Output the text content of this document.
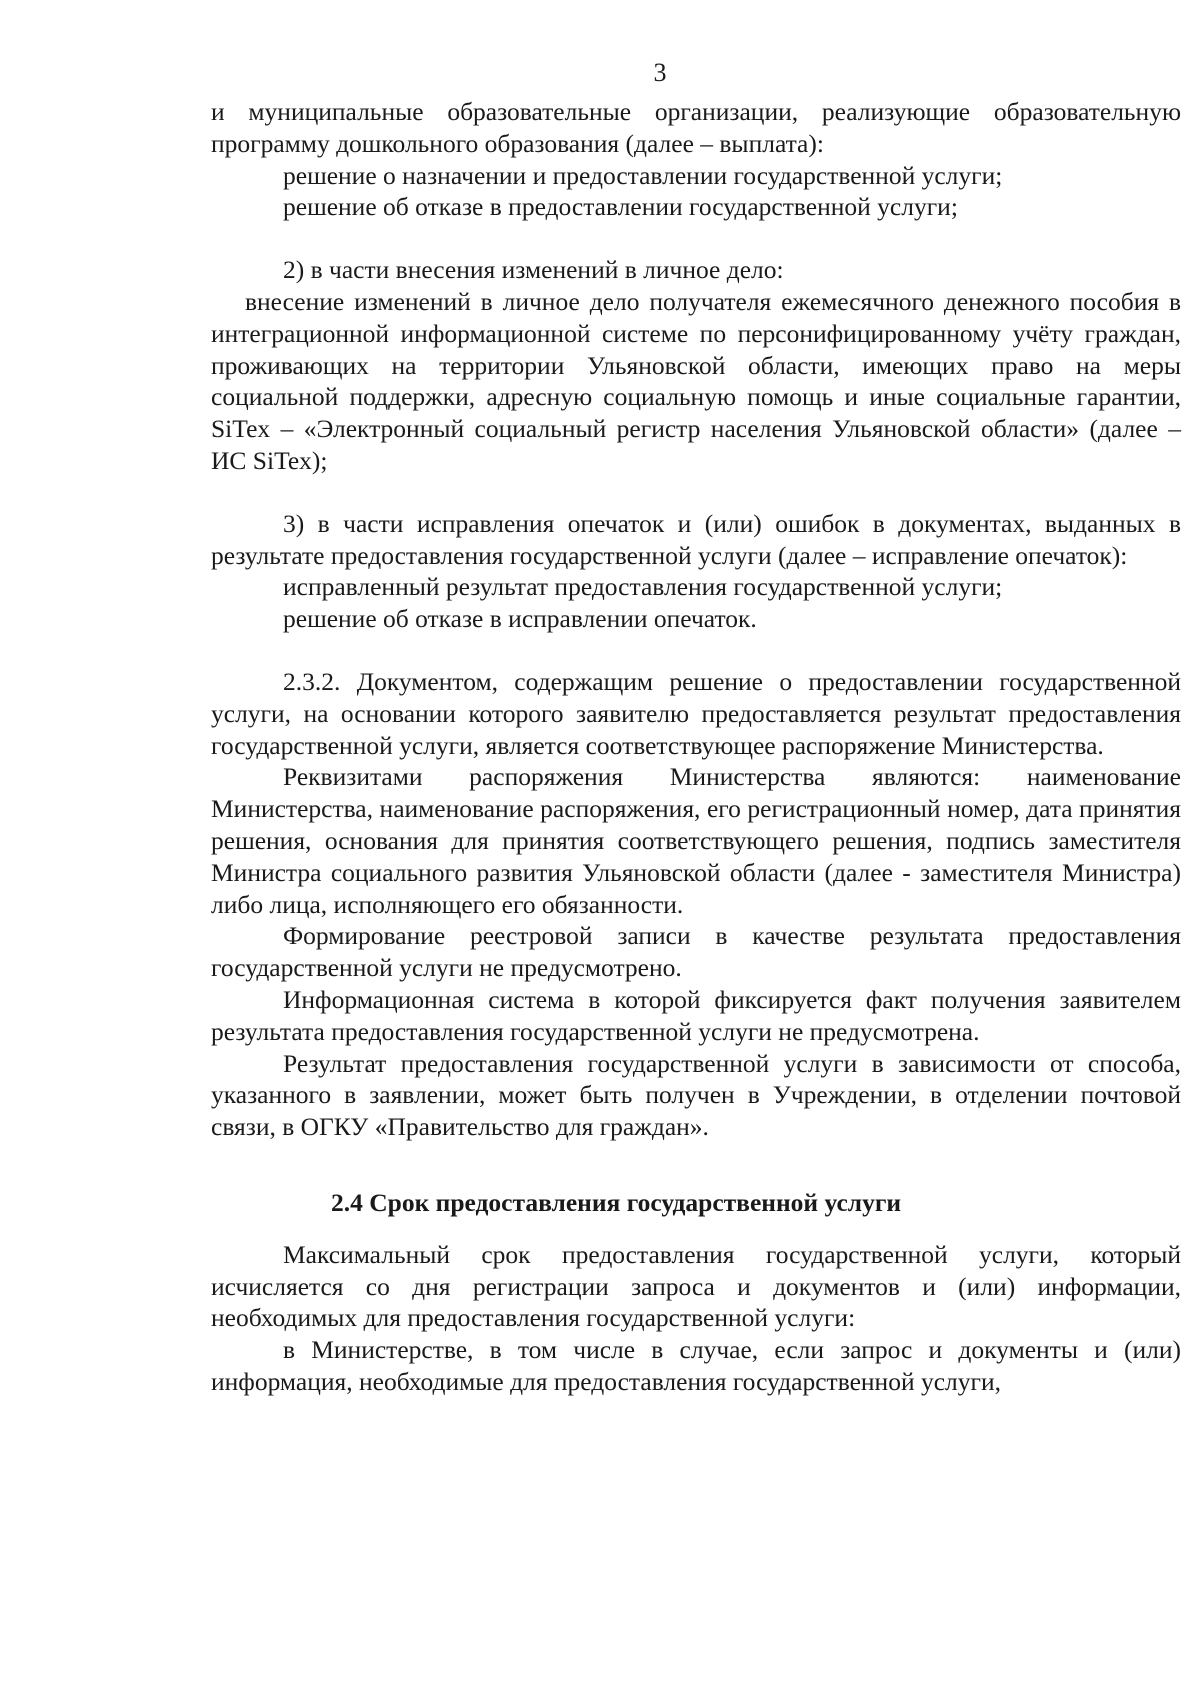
3

и муниципальные образовательные организации, реализующие образовательную программу дошкольного образования (далее – выплата):

решение о назначении и предоставлении государственной услуги;

решение об отказе в предоставлении государственной услуги;

2) в части внесения изменений в личное дело:

внесение изменений в личное дело получателя ежемесячного денежного пособия в интеграционной информационной системе по персонифицированному учёту граждан, проживающих на территории Ульяновской области, имеющих право на меры социальной поддержки, адресную социальную помощь и иные социальные гарантии, SiTex – «Электронный социальный регистр населения Ульяновской области» (далее – ИС SiTex);

3) в части исправления опечаток и (или) ошибок в документах, выданных в результате предоставления государственной услуги (далее – исправление опечаток):

исправленный результат предоставления государственной услуги;

решение об отказе в исправлении опечаток.

2.3.2. Документом, содержащим решение о предоставлении государственной услуги, на основании которого заявителю предоставляется результат предоставления государственной услуги, является соответствующее распоряжение Министерства.

Реквизитами распоряжения Министерства являются: наименование Министерства, наименование распоряжения, его регистрационный номер, дата принятия решения, основания для принятия соответствующего решения, подпись заместителя Министра социального развития Ульяновской области (далее - заместителя Министра) либо лица, исполняющего его обязанности.

Формирование реестровой записи в качестве результата предоставления государственной услуги не предусмотрено.

Информационная система в которой фиксируется факт получения заявителем результата предоставления государственной услуги не предусмотрена.

Результат предоставления государственной услуги в зависимости от способа, указанного в заявлении, может быть получен в Учреждении, в отделении почтовой связи, в ОГКУ «Правительство для граждан».

2.4 Срок предоставления государственной услуги

Максимальный срок предоставления государственной услуги, который исчисляется со дня регистрации запроса и документов и (или) информации, необходимых для предоставления государственной услуги:

в Министерстве, в том числе в случае, если запрос и документы и (или) информация, необходимые для предоставления государственной услуги,
